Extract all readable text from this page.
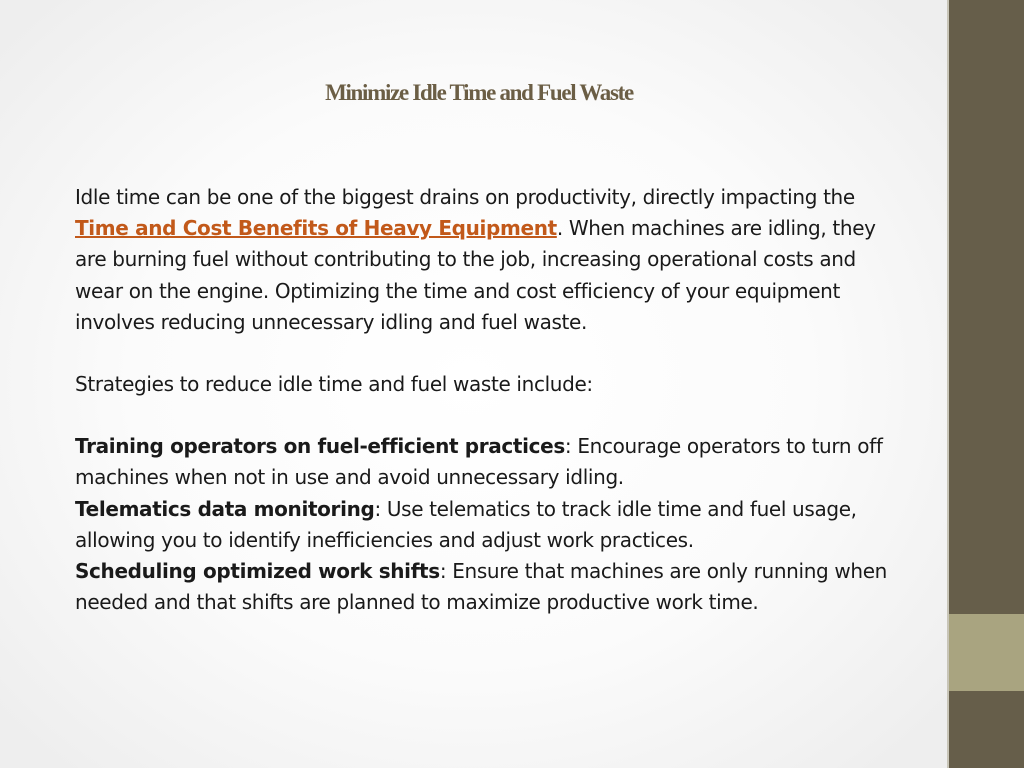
Minimize Idle Time and Fuel Waste

Idle time can be one of the biggest drains on productivity, directly impacting the Time and Cost Benefits of Heavy Equipment. When machines are idling, they are burning fuel without contributing to the job, increasing operational costs and wear on the engine. Optimizing the time and cost efficiency of your equipment involves reducing unnecessary idling and fuel waste.

Strategies to reduce idle time and fuel waste include:

Training operators on fuel-efficient practices: Encourage operators to turn off machines when not in use and avoid unnecessary idling.

Telematics data monitoring: Use telematics to track idle time and fuel usage, allowing you to identify inefficiencies and adjust work practices.

Scheduling optimized work shifts: Ensure that machines are only running when needed and that shifts are planned to maximize productive work time.
